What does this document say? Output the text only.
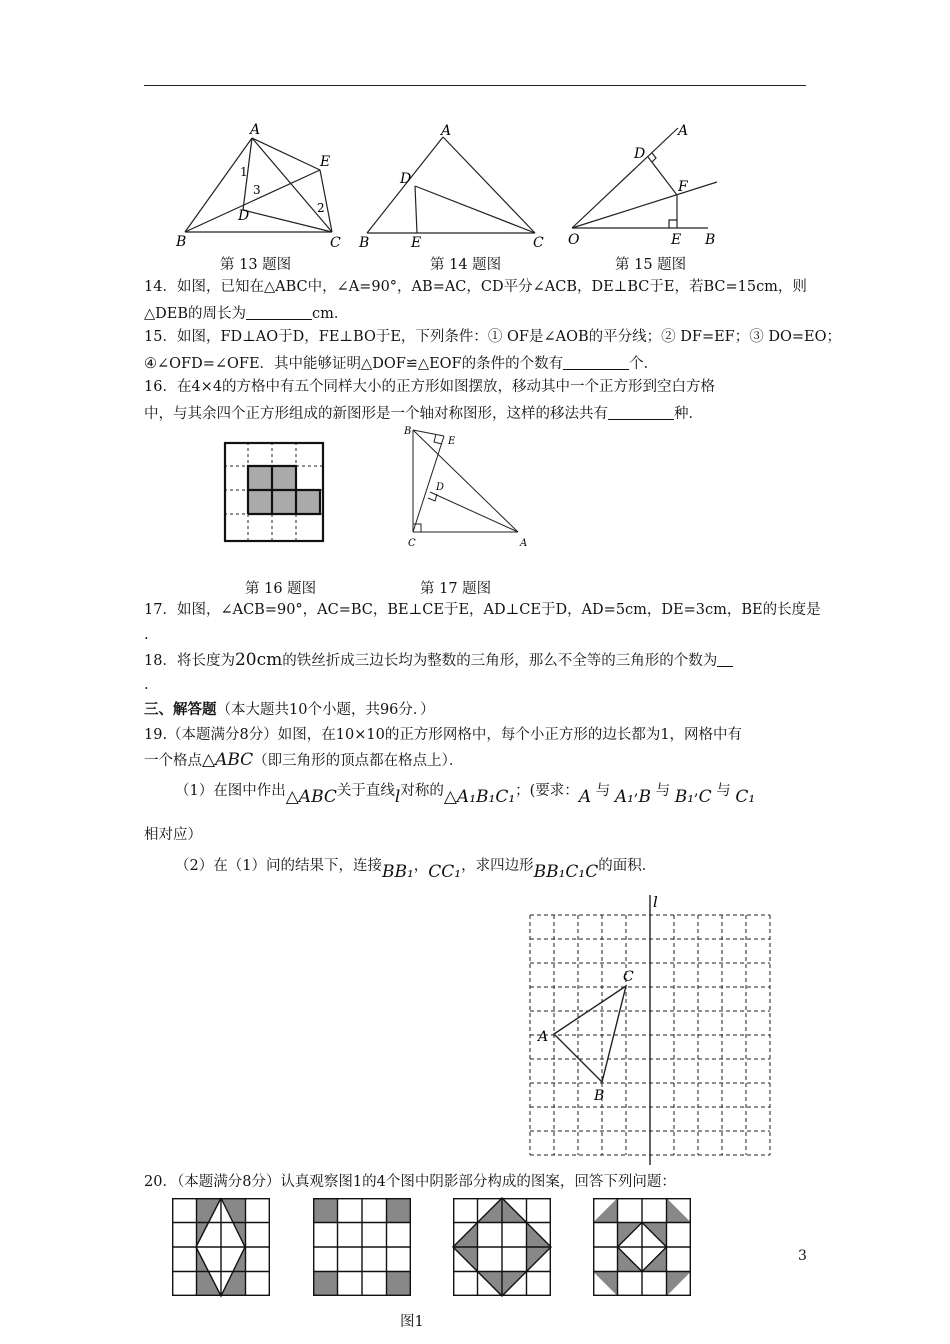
A
B	C
D
E
1
2
3
A
B	C
D
E
A
O	B
D
E
F
第 13 题图	第 14 题图	第 15 题图
14．如图，已知在△ABC中，∠A=90°，AB=AC，CD平分∠ACB，DE⊥BC于E，若BC=15cm，则
△DEB的周长为	cm．
15．如图，FD⊥AO于D，FE⊥BO于E，下列条件：① OF是∠AOB的平分线；② DF=EF；③ DO=EO；
④∠OFD=∠OFE．其中能够证明△DOF≌△EOF的条件的个数有	个．
16．在4×4的方格中有五个同样大小的正方形如图摆放，移动其中一个正方形到空白方格
中，与其余四个正方形组成的新图形是一个轴对称图形，这样的移法共有	种．
B
E
D
C	A
第 16 题图	第 17 题图
17．如图，∠ACB=90°，AC=BC，BE⊥CE于E，AD⊥CE于D，AD=5cm，DE=3cm，BE的长度是
.
18．将长度为20cm的铁丝折成三边长均为整数的三角形，那么不全等的三角形的个数为
.
三、解答题（本大题共10个小题，共96分．）
19.（本题满分8分）如图，在10×10的正方形网格中，每个小正方形的边长都为1，网格中有
一个格点△ABC（即三角形的顶点都在格点上）．
（1）在图中作出△ABC关于直线l对称的△A₁B₁C₁；(要求：A 与 A₁,B 与 B₁,C 与 C₁
相对应）
（2）在（1）问的结果下，连接BB₁，CC₁，求四边形BB₁C₁C的面积．
l
A
B
C
20．（本题满分8分）认真观察图1的4个图中阴影部分构成的图案，回答下列问题：
3
图1
